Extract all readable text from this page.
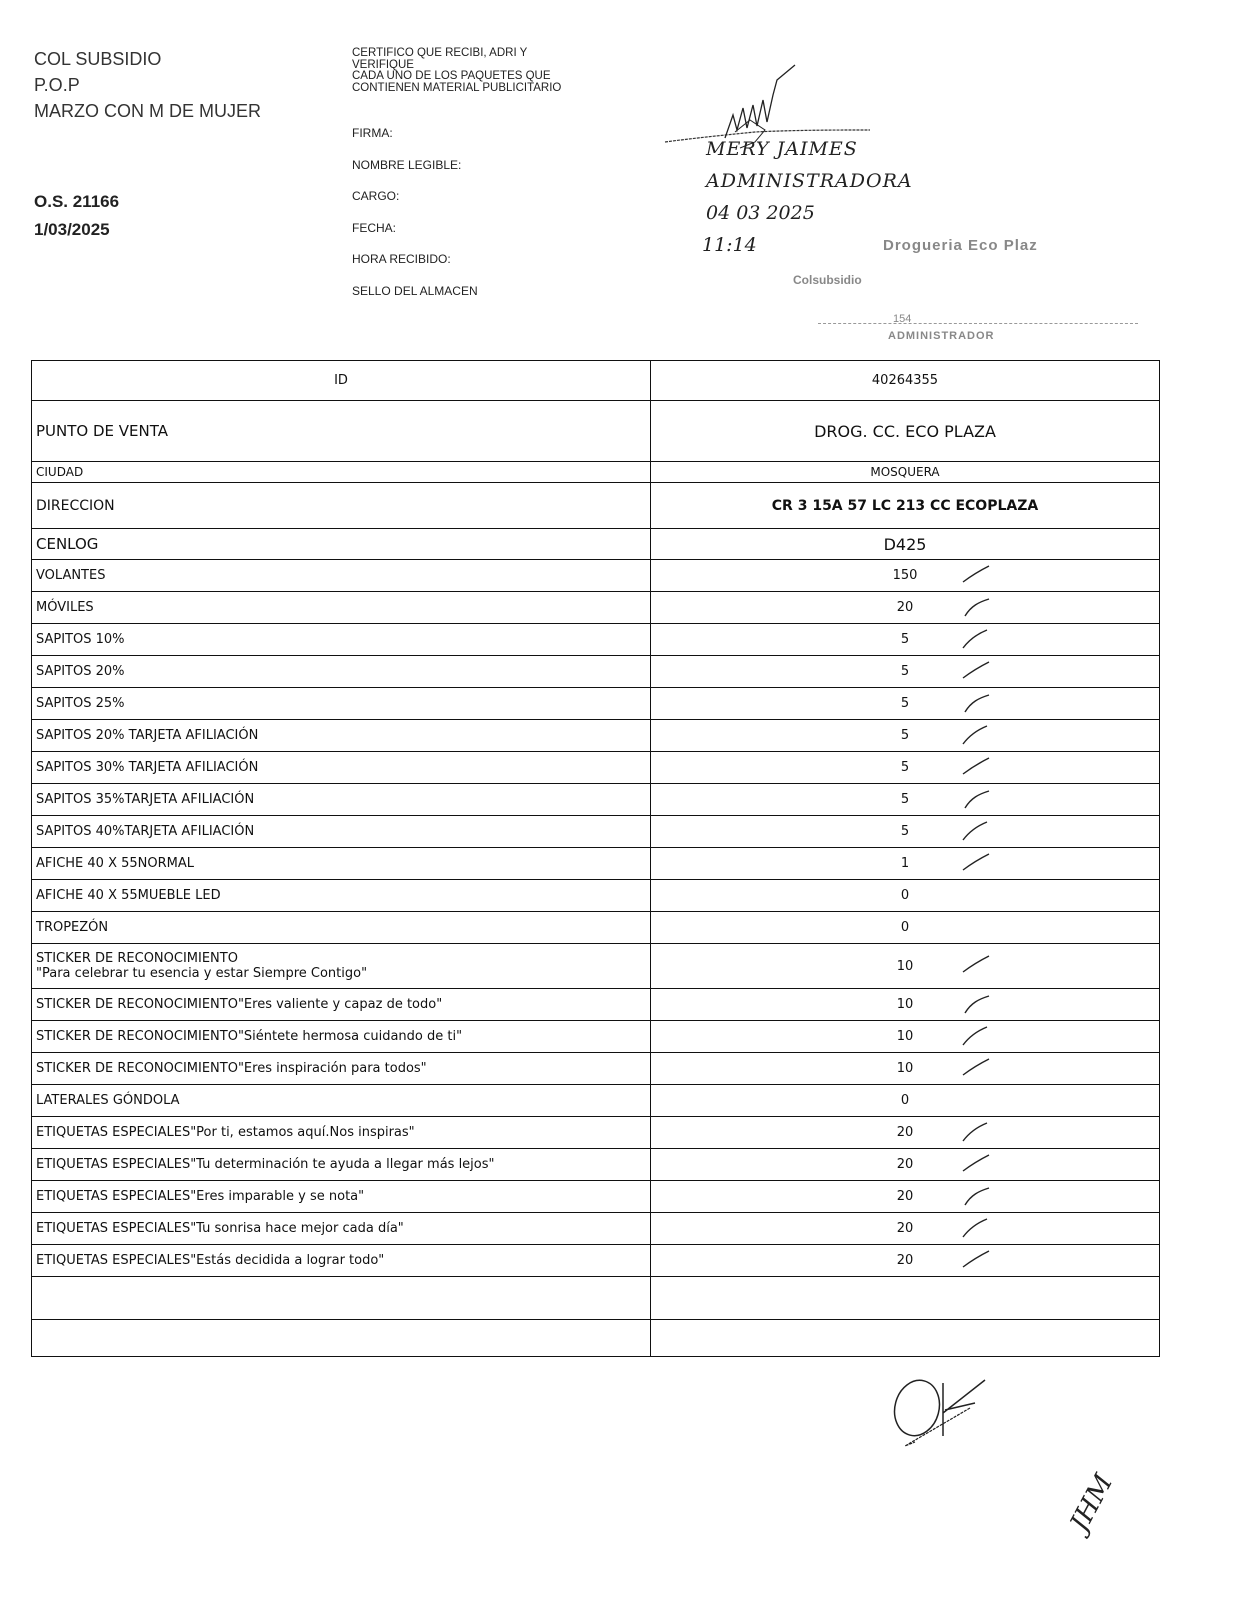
COL SUBSIDIO
P.O.P
MARZO CON M DE MUJER
O.S. 21166
1/03/2025
CERTIFICO QUE RECIBI, ADRI Y
VERIFIQUE
CADA UNO DE LOS PAQUETES QUE
CONTIENEN MATERIAL PUBLICITARIO
FIRMA:
NOMBRE LEGIBLE:
CARGO:
FECHA:
HORA RECIBIDO:
SELLO DEL ALMACEN
MERY JAIMES
ADMINISTRADORA
04 03 2025
11:14	Drogueria Eco Plaz
Colsubsidio
154
ADMINISTRADOR
ID	40264355
PUNTO DE VENTA	DROG. CC. ECO PLAZA
CIUDAD	MOSQUERA
DIRECCION	CR 3 15A 57 LC 213 CC ECOPLAZA
CENLOG	D425

VOLANTES	150

MÓVILES	20

SAPITOS 10%	5

SAPITOS 20%	5

SAPITOS 25%	5

SAPITOS 20% TARJETA AFILIACIÓN	5

SAPITOS 30% TARJETA AFILIACIÓN	5

SAPITOS 35%TARJETA AFILIACIÓN	5

SAPITOS 40%TARJETA AFILIACIÓN	5

AFICHE 40 X 55NORMAL	1

AFICHE 40 X 55MUEBLE LED	0

TROPEZÓN	0

STICKER DE RECONOCIMIENTO
"Para celebrar tu esencia y estar Siempre Contigo"	10

STICKER DE RECONOCIMIENTO"Eres valiente y capaz de todo"	10

STICKER DE RECONOCIMIENTO"Siéntete hermosa cuidando de ti"	10

STICKER DE RECONOCIMIENTO"Eres inspiración para todos"	10

LATERALES GÓNDOLA	0

ETIQUETAS ESPECIALES"Por ti, estamos aquí.Nos inspiras"	20

ETIQUETAS ESPECIALES"Tu determinación te ayuda a llegar más lejos"	20

ETIQUETAS ESPECIALES"Eres imparable y se nota"	20

ETIQUETAS ESPECIALES"Tu sonrisa hace mejor cada día"	20

ETIQUETAS ESPECIALES"Estás decidida a lograr todo"	20

OK
JHM
